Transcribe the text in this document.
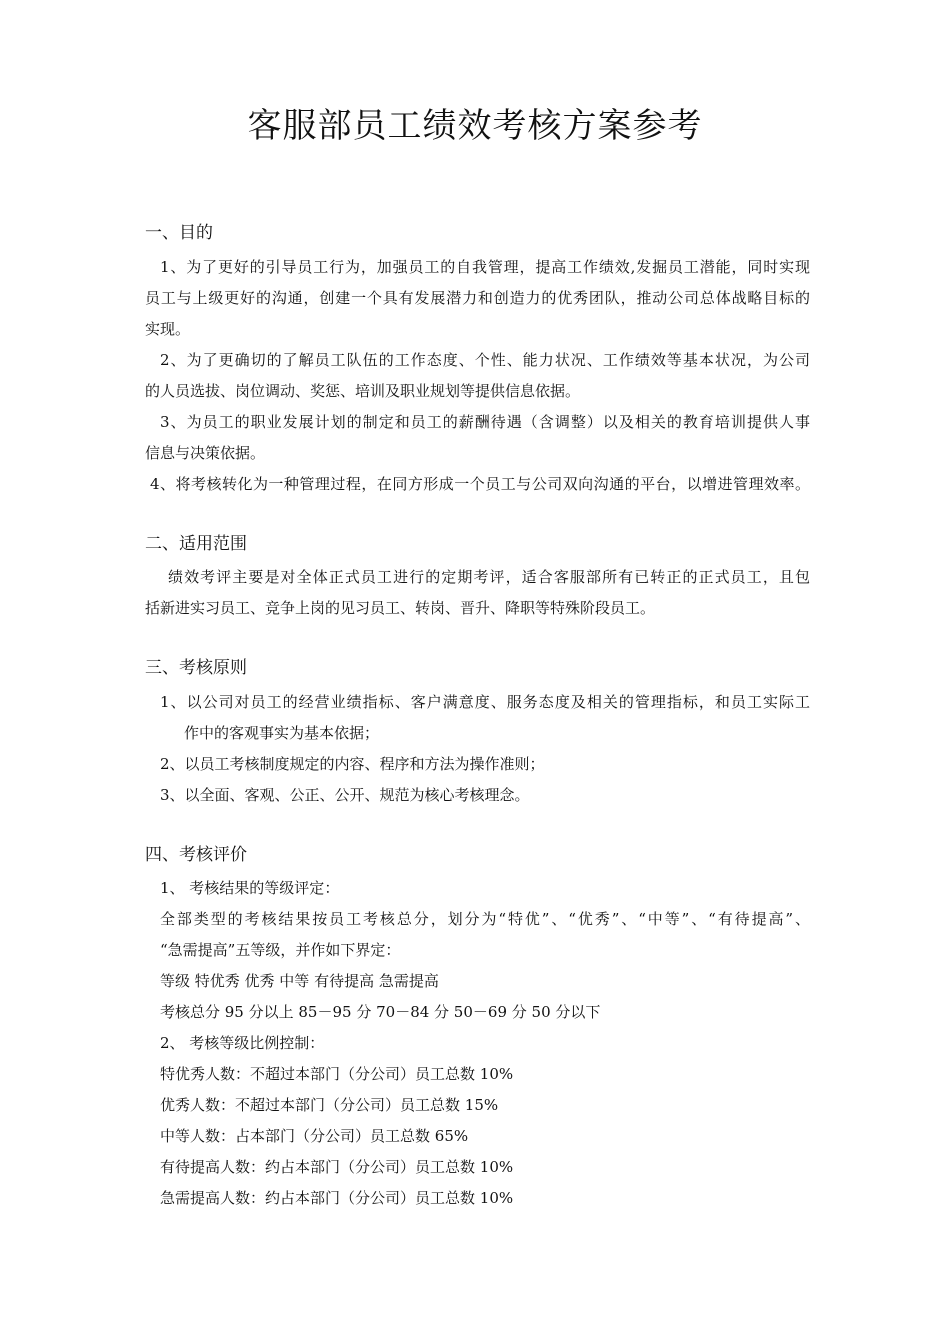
客服部员工绩效考核方案参考
一、目的
1、为了更好的引导员工行为，加强员工的自我管理，提高工作绩效,发掘员工潜能，同时实现
员工与上级更好的沟通，创建一个具有发展潜力和创造力的优秀团队，推动公司总体战略目标的
实现。
2、为了更确切的了解员工队伍的工作态度、个性、能力状况、工作绩效等基本状况，为公司
的人员选拔、岗位调动、奖惩、培训及职业规划等提供信息依据。
3、为员工的职业发展计划的制定和员工的薪酬待遇（含调整）以及相关的教育培训提供人事
信息与决策依据。
4、将考核转化为一种管理过程，在同方形成一个员工与公司双向沟通的平台，以增进管理效率。
二、适用范围
绩效考评主要是对全体正式员工进行的定期考评，适合客服部所有已转正的正式员工，且包
括新进实习员工、竞争上岗的见习员工、转岗、晋升、降职等特殊阶段员工。
三、考核原则
1、以公司对员工的经营业绩指标、客户满意度、服务态度及相关的管理指标，和员工实际工
作中的客观事实为基本依据；
2、以员工考核制度规定的内容、程序和方法为操作准则；
3、以全面、客观、公正、公开、规范为核心考核理念。
四、考核评价
1、 考核结果的等级评定：
全部类型的考核结果按员工考核总分，划分为“特优”、“优秀”、“中等”、“有待提高”、
“急需提高”五等级，并作如下界定：
等级 特优秀 优秀 中等 有待提高 急需提高
考核总分 95 分以上 85－95 分 70－84 分 50－69 分 50 分以下
2、 考核等级比例控制：
特优秀人数：不超过本部门（分公司）员工总数 10%
优秀人数：不超过本部门（分公司）员工总数 15%
中等人数：占本部门（分公司）员工总数 65%
有待提高人数：约占本部门（分公司）员工总数 10%
急需提高人数：约占本部门（分公司）员工总数 10%
